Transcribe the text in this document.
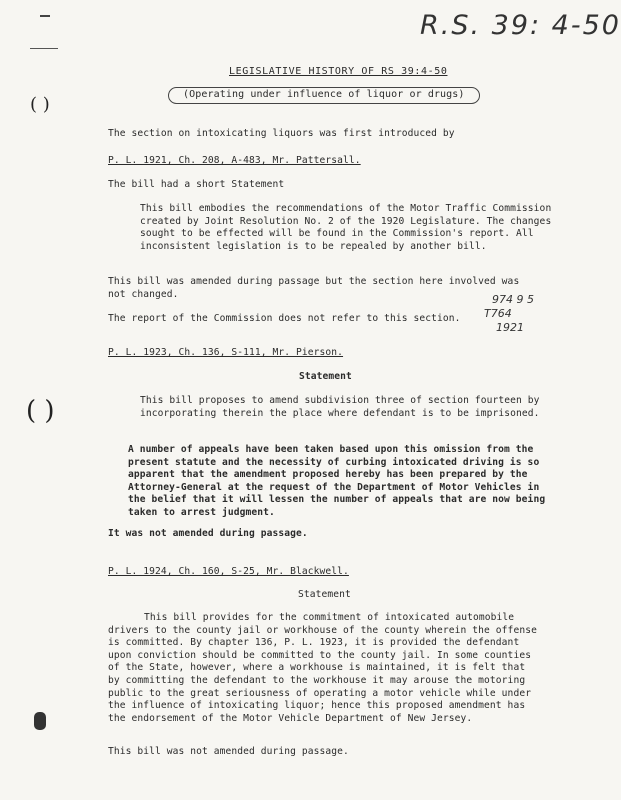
( )
( )
R.S. 39: 4-50
LEGISLATIVE HISTORY OF RS 39:4-50
(Operating under influence of liquor or drugs)
The section on intoxicating liquors was first introduced by
P. L. 1921, Ch. 208, A-483, Mr. Pattersall.
The bill had a short Statement
This bill embodies the recommendations of the Motor Traffic Commission created by Joint Resolution No. 2 of the 1920 Legislature. The changes sought to be effected will be found in the Commission's report. All inconsistent legislation is to be repealed by another bill.
This bill was amended during passage but the section here involved was not changed.
The report of the Commission does not refer to this section.
974 9 5
T764
1921
P. L. 1923, Ch. 136, S-111, Mr. Pierson.
Statement
This bill proposes to amend subdivision three of section fourteen by incorporating therein the place where defendant is to be imprisoned.
A number of appeals have been taken based upon this omission from the present statute and the necessity of curbing intoxicated driving is so apparent that the amendment proposed hereby has been prepared by the Attorney-General at the request of the Department of Motor Vehicles in the belief that it will lessen the number of appeals that are now being taken to arrest judgment.
It was not amended during passage.
P. L. 1924, Ch. 160, S-25, Mr. Blackwell.
Statement
This bill provides for the commitment of intoxicated automobile drivers to the county jail or workhouse of the county wherein the offense is committed. By chapter 136, P. L. 1923, it is provided the defendant upon conviction should be committed to the county jail. In some counties of the State, however, where a workhouse is maintained, it is felt that by committing the defendant to the workhouse it may arouse the motoring public to the great seriousness of operating a motor vehicle while under the influence of intoxicating liquor; hence this proposed amendment has the endorsement of the Motor Vehicle Department of New Jersey.
This bill was not amended during passage.
